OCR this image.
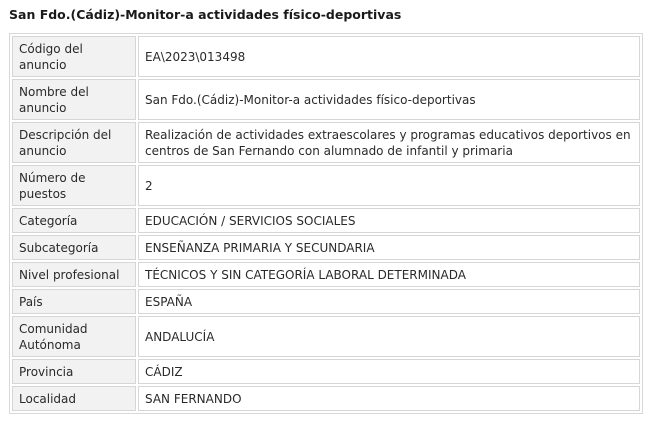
San Fdo.(Cádiz)-Monitor-a actividades físico-deportivas
Código del anuncio	EA\2023\013498
Nombre del anuncio	San Fdo.(Cádiz)-Monitor-a actividades físico-deportivas
Descripción del anuncio	Realización de actividades extraescolares y programas educativos deportivos en centros de San Fernando con alumnado de infantil y primaria
Número de puestos	2
Categoría	EDUCACIÓN / SERVICIOS SOCIALES
Subcategoría	ENSEÑANZA PRIMARIA Y SECUNDARIA
Nivel profesional	TÉCNICOS Y SIN CATEGORÍA LABORAL DETERMINADA
País	ESPAÑA
Comunidad Autónoma	ANDALUCÍA
Provincia	CÁDIZ
Localidad	SAN FERNANDO
